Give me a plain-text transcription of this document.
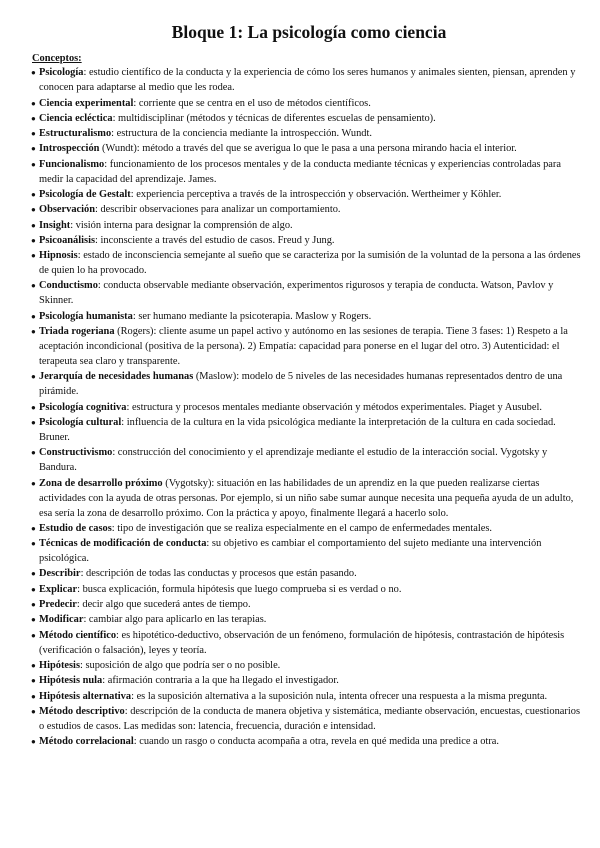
Bloque 1: La psicología como ciencia
Conceptos:
● Psicología: estudio científico de la conducta y la experiencia de cómo los seres humanos y animales sienten, piensan, aprenden y conocen para adaptarse al medio que les rodea.
● Ciencia experimental: corriente que se centra en el uso de métodos científicos.
● Ciencia ecléctica: multidisciplinar (métodos y técnicas de diferentes escuelas de pensamiento).
● Estructuralismo: estructura de la conciencia mediante la introspección. Wundt.
● Introspección (Wundt): método a través del que se averigua lo que le pasa a una persona mirando hacia el interior.
● Funcionalismo: funcionamiento de los procesos mentales y de la conducta mediante técnicas y experiencias controladas para medir la capacidad del aprendizaje. James.
● Psicología de Gestalt: experiencia perceptiva a través de la introspección y observación. Wertheimer y Köhler.
● Observación: describir observaciones para analizar un comportamiento.
● Insight: visión interna para designar la comprensión de algo.
● Psicoanálisis: inconsciente a través del estudio de casos. Freud y Jung.
● Hipnosis: estado de inconsciencia semejante al sueño que se caracteriza por la sumisión de la voluntad de la persona a las órdenes de quien lo ha provocado.
● Conductismo: conducta observable mediante observación, experimentos rigurosos y terapia de conducta. Watson, Pavlov y Skinner.
● Psicología humanista: ser humano mediante la psicoterapia. Maslow y Rogers.
● Triada rogeriana (Rogers): cliente asume un papel activo y autónomo en las sesiones de terapia. Tiene 3 fases: 1) Respeto a la aceptación incondicional (positiva de la persona). 2) Empatía: capacidad para ponerse en el lugar del otro. 3) Autenticidad: el terapeuta sea claro y transparente.
● Jerarquía de necesidades humanas (Maslow): modelo de 5 niveles de las necesidades humanas representados dentro de una pirámide.
● Psicología cognitiva: estructura y procesos mentales mediante observación y métodos experimentales. Piaget y Ausubel.
● Psicología cultural: influencia de la cultura en la vida psicológica mediante la interpretación de la cultura en cada sociedad. Bruner.
● Constructivismo: construcción del conocimiento y el aprendizaje mediante el estudio de la interacción social. Vygotsky y Bandura.
● Zona de desarrollo próximo (Vygotsky): situación en las habilidades de un aprendiz en la que pueden realizarse ciertas actividades con la ayuda de otras personas. Por ejemplo, si un niño sabe sumar aunque necesita una pequeña ayuda de un adulto, esa sería la zona de desarrollo próximo. Con la práctica y apoyo, finalmente llegará a hacerlo solo.
● Estudio de casos: tipo de investigación que se realiza especialmente en el campo de enfermedades mentales.
● Técnicas de modificación de conducta: su objetivo es cambiar el comportamiento del sujeto mediante una intervención psicológica.
● Describir: descripción de todas las conductas y procesos que están pasando.
● Explicar: busca explicación, formula hipótesis que luego comprueba si es verdad o no.
● Predecir: decir algo que sucederá antes de tiempo.
● Modificar: cambiar algo para aplicarlo en las terapias.
● Método científico: es hipotético-deductivo, observación de un fenómeno, formulación de hipótesis, contrastación de hipótesis (verificación o falsación), leyes y teoría.
● Hipótesis: suposición de algo que podría ser o no posible.
● Hipótesis nula: afirmación contraria a la que ha llegado el investigador.
● Hipótesis alternativa: es la suposición alternativa a la suposición nula, intenta ofrecer una respuesta a la misma pregunta.
● Método descriptivo: descripción de la conducta de manera objetiva y sistemática, mediante observación, encuestas, cuestionarios o estudios de casos. Las medidas son: latencia, frecuencia, duración e intensidad.
● Método correlacional: cuando un rasgo o conducta acompaña a otra, revela en qué medida una predice a otra.
